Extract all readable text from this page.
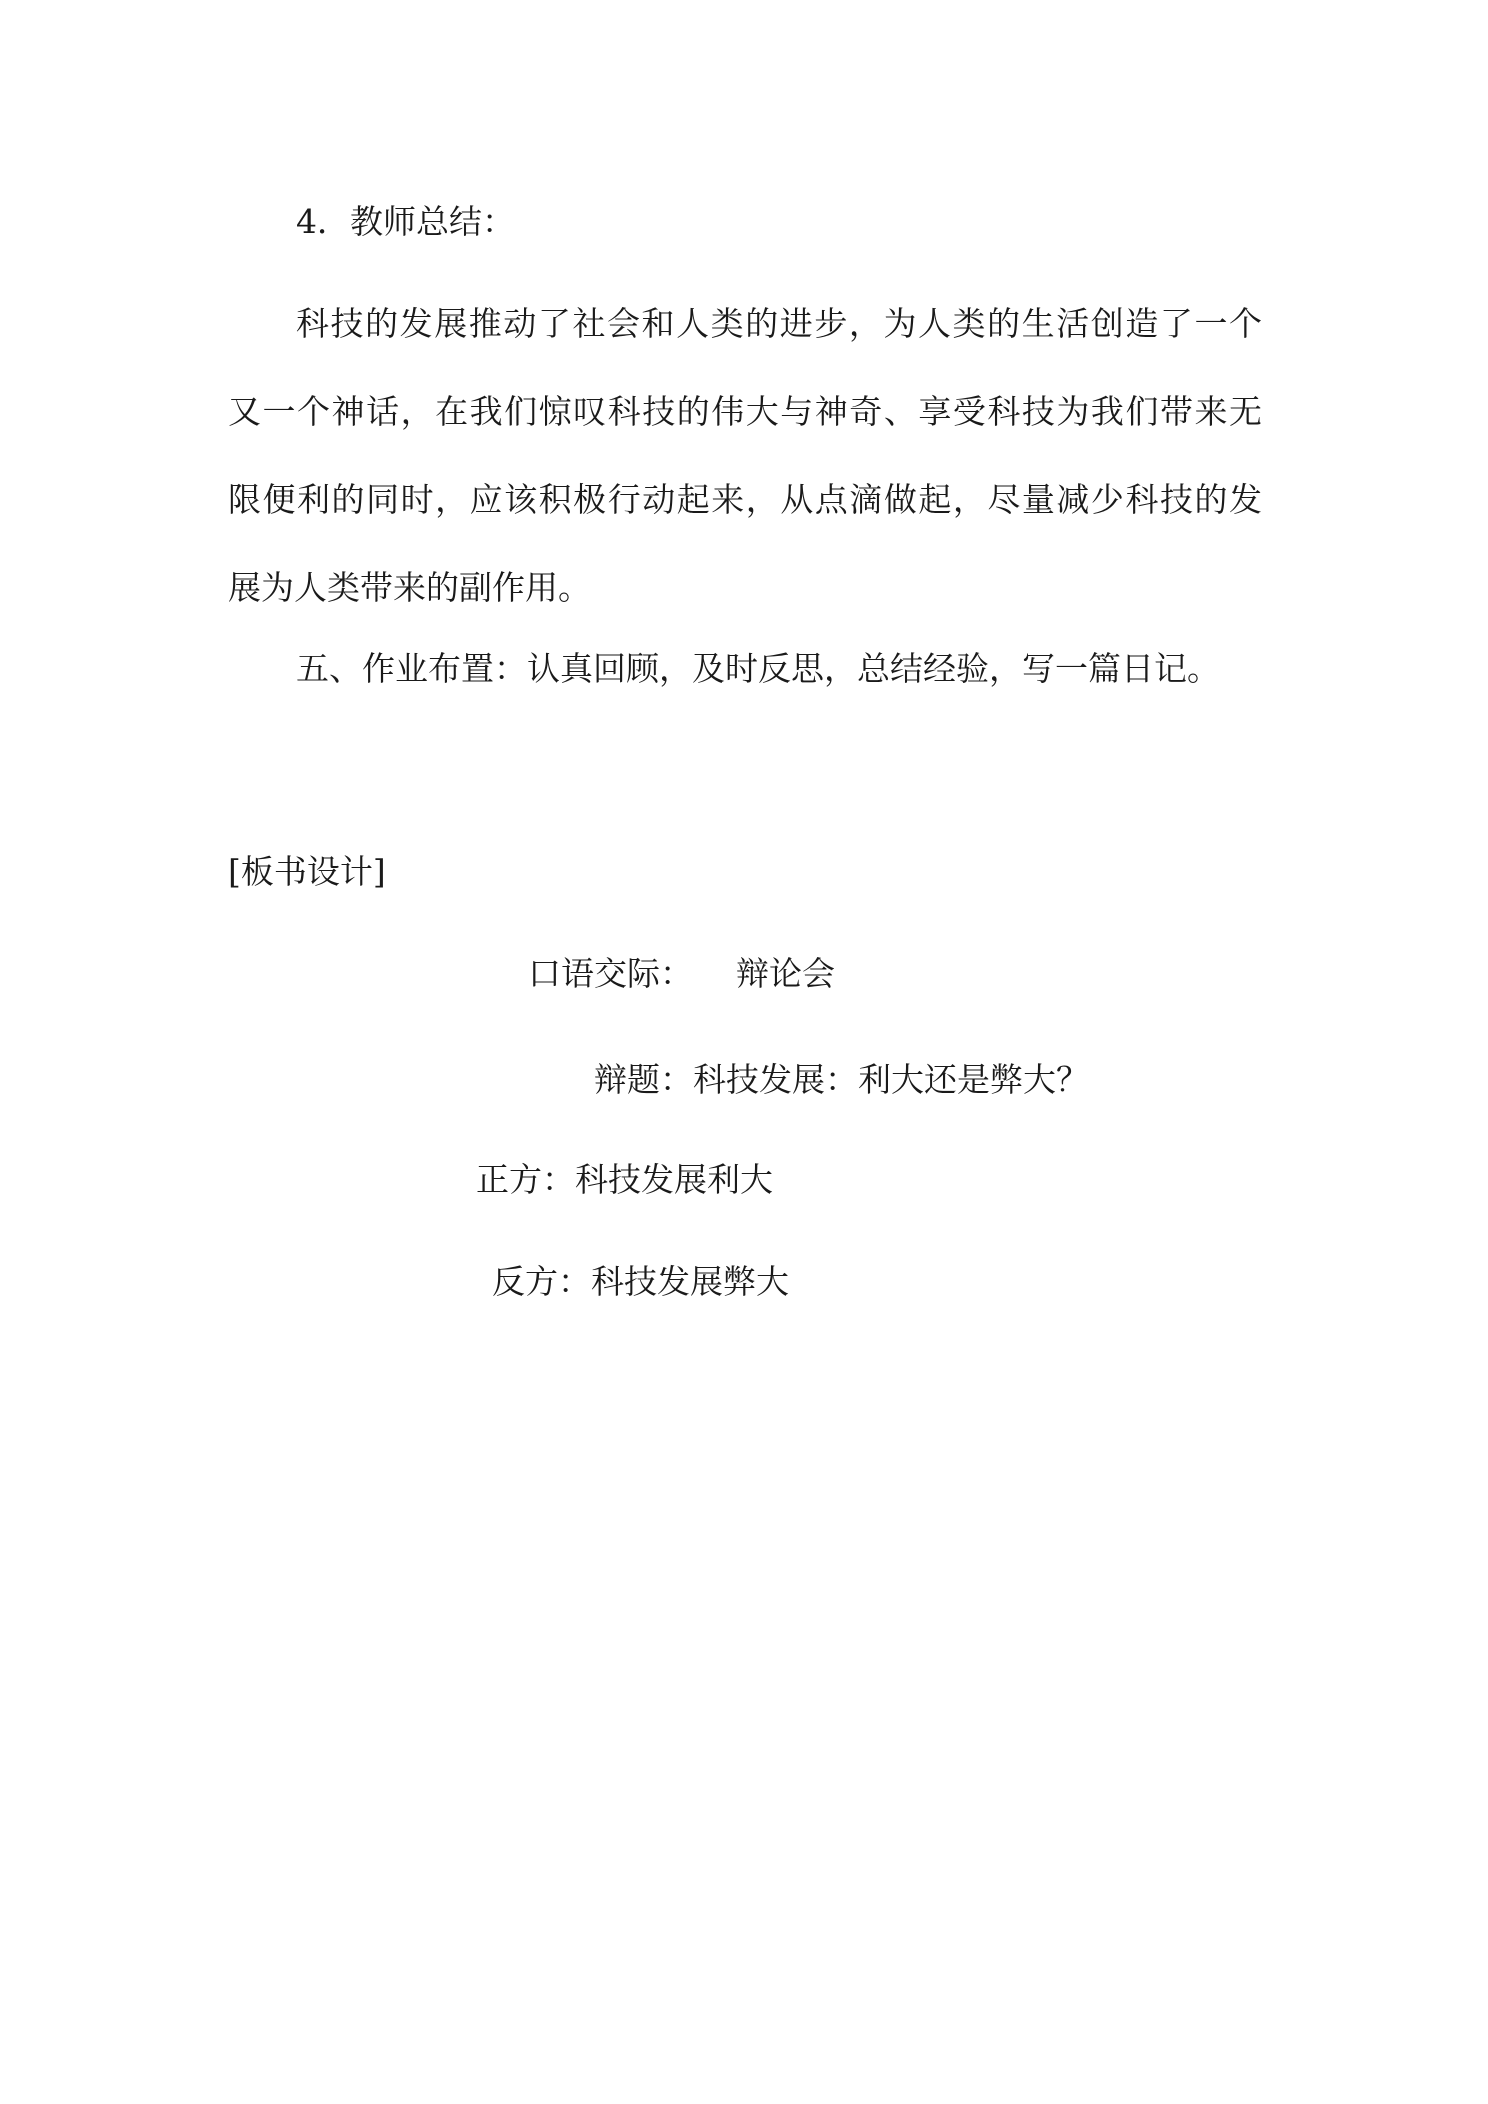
4．教师总结：
科技的发展推动了社会和人类的进步，为人类的生活创造了一个
又一个神话，在我们惊叹科技的伟大与神奇、享受科技为我们带来无
限便利的同时，应该积极行动起来，从点滴做起，尽量减少科技的发
展为人类带来的副作用。
五、作业布置：认真回顾，及时反思，总结经验，写一篇日记。
[板书设计]
口语交际： 辩论会
辩题：科技发展：利大还是弊大？
正方：科技发展利大
反方：科技发展弊大
